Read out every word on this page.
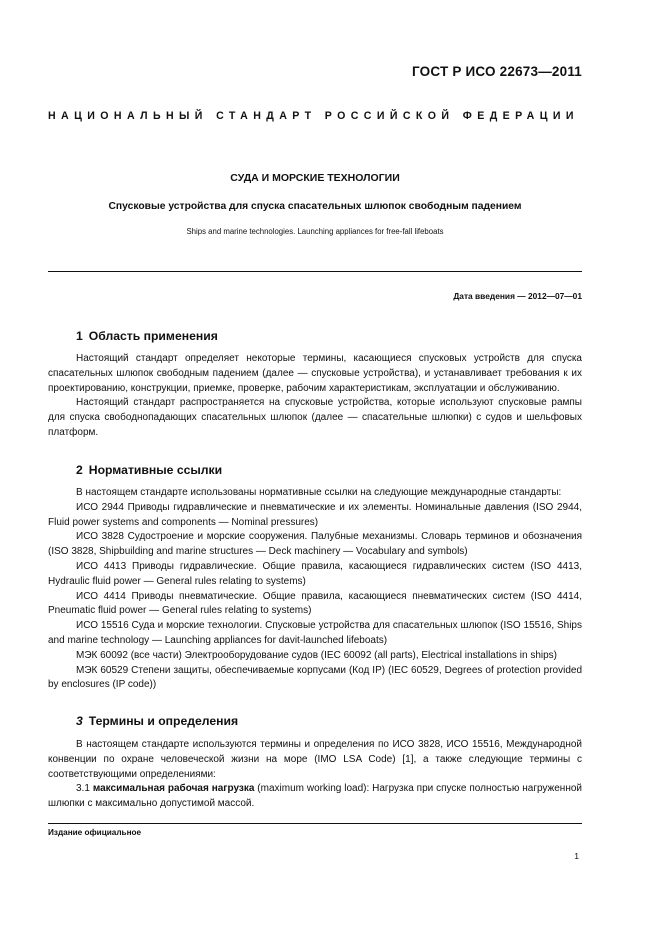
ГОСТ Р ИСО 22673—2011
НАЦИОНАЛЬНЫЙ СТАНДАРТ РОССИЙСКОЙ ФЕДЕРАЦИИ
СУДА И МОРСКИЕ ТЕХНОЛОГИИ
Спусковые устройства для спуска спасательных шлюпок свободным падением
Ships and marine technologies. Launching appliances for free-fall lifeboats
Дата введения — 2012—07—01
1 Область применения

Настоящий стандарт определяет некоторые термины, касающиеся спусковых устройств для спуска спасательных шлюпок свободным падением (далее — спусковые устройства), и устанавливает требования к их проектированию, конструкции, приемке, проверке, рабочим характеристикам, эксплуатации и обслуживанию.

Настоящий стандарт распространяется на спусковые устройства, которые используют спусковые рампы для спуска свободнопадающих спасательных шлюпок (далее — спасательные шлюпки) с судов и шельфовых платформ.

2 Нормативные ссылки

В настоящем стандарте использованы нормативные ссылки на следующие международные стандарты:

ИСО 2944 Приводы гидравлические и пневматические и их элементы. Номинальные давления (ISO 2944, Fluid power systems and components — Nominal pressures)

ИСО 3828 Судостроение и морские сооружения. Палубные механизмы. Словарь терминов и обозначения (ISO 3828, Shipbuilding and marine structures — Deck machinery — Vocabulary and symbols)

ИСО 4413 Приводы гидравлические. Общие правила, касающиеся гидравлических систем (ISO 4413, Hydraulic fluid power — General rules relating to systems)

ИСО 4414 Приводы пневматические. Общие правила, касающиеся пневматических систем (ISO 4414, Pneumatic fluid power — General rules relating to systems)

ИСО 15516 Суда и морские технологии. Спусковые устройства для спасательных шлюпок (ISO 15516, Ships and marine technology — Launching appliances for davit-launched lifeboats)

МЭК 60092 (все части) Электрооборудование судов (IEC 60092 (all parts), Electrical installations in ships)

МЭК 60529 Степени защиты, обеспечиваемые корпусами (Код IP) (IEC 60529, Degrees of protection provided by enclosures (IP code))

3 Термины и определения

В настоящем стандарте используются термины и определения по ИСО 3828, ИСО 15516, Международной конвенции по охране человеческой жизни на море (IMO LSA Code) [1], а также следующие термины с соответствующими определениями:

3.1 максимальная рабочая нагрузка (maximum working load): Нагрузка при спуске полностью нагруженной шлюпки с максимально допустимой массой.

Издание официальное
1
